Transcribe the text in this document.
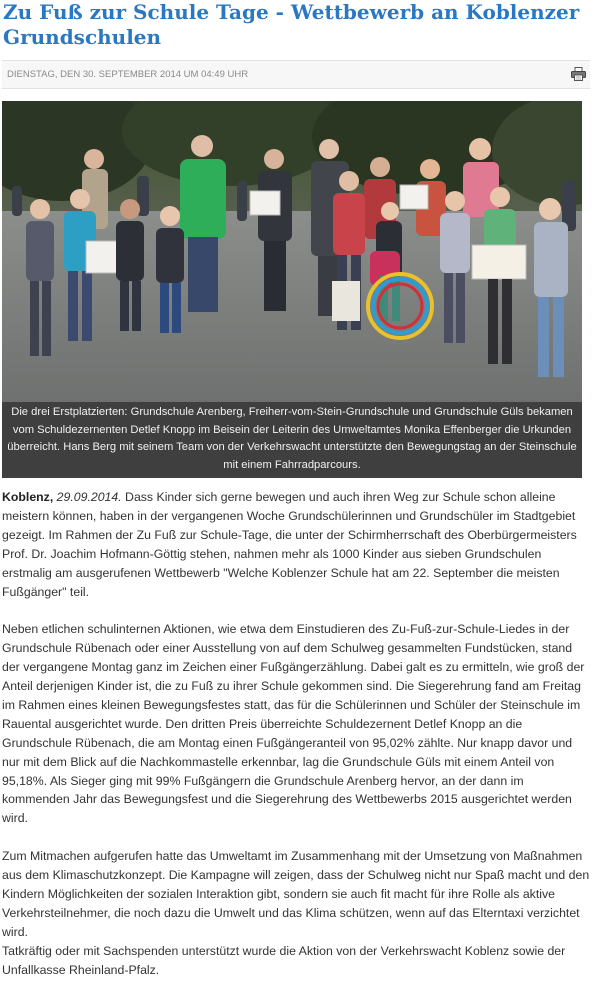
Zu Fuß zur Schule Tage - Wettbewerb an Koblenzer Grundschulen
DIENSTAG, DEN 30. SEPTEMBER 2014 UM 04:49 UHR
Die drei Erstplatzierten: Grundschule Arenberg, Freiherr-vom-Stein-Grundschule und Grundschule Güls bekamen vom Schuldezernenten Detlef Knopp im Beisein der Leiterin des Umweltamtes Monika Effenberger die Urkunden überreicht. Hans Berg mit seinem Team von der Verkehrswacht unterstützte den Bewegungstag an der Steinschule mit einem Fahrradparcours.

Koblenz, 29.09.2014. Dass Kinder sich gerne bewegen und auch ihren Weg zur Schule schon alleine meistern können, haben in der vergangenen Woche Grundschülerinnen und Grundschüler im Stadtgebiet gezeigt. Im Rahmen der Zu Fuß zur Schule-Tage, die unter der Schirmherrschaft des Oberbürgermeisters Prof. Dr. Joachim Hofmann-Göttig stehen, nahmen mehr als 1000 Kinder aus sieben Grundschulen erstmalig am ausgerufenen Wettbewerb "Welche Koblenzer Schule hat am 22. September die meisten Fußgänger" teil.

Neben etlichen schulinternen Aktionen, wie etwa dem Einstudieren des Zu-Fuß-zur-Schule-Liedes in der Grundschule Rübenach oder einer Ausstellung von auf dem Schulweg gesammelten Fundstücken, stand der vergangene Montag ganz im Zeichen einer Fußgängerzählung. Dabei galt es zu ermitteln, wie groß der Anteil derjenigen Kinder ist, die zu Fuß zu ihrer Schule gekommen sind. Die Siegerehrung fand am Freitag im Rahmen eines kleinen Bewegungsfestes statt, das für die Schülerinnen und Schüler der Steinschule im Rauental ausgerichtet wurde. Den dritten Preis überreichte Schuldezernent Detlef Knopp an die Grundschule Rübenach, die am Montag einen Fußgängeranteil von 95,02% zählte. Nur knapp davor und nur mit dem Blick auf die Nachkommastelle erkennbar, lag die Grundschule Güls mit einem Anteil von 95,18%. Als Sieger ging mit 99% Fußgängern die Grundschule Arenberg hervor, an der dann im kommenden Jahr das Bewegungsfest und die Siegerehrung des Wettbewerbs 2015 ausgerichtet werden wird.

Zum Mitmachen aufgerufen hatte das Umweltamt im Zusammenhang mit der Umsetzung von Maßnahmen aus dem Klimaschutzkonzept. Die Kampagne will zeigen, dass der Schulweg nicht nur Spaß macht und den Kindern Möglichkeiten der sozialen Interaktion gibt, sondern sie auch fit macht für ihre Rolle als aktive Verkehrsteilnehmer, die noch dazu die Umwelt und das Klima schützen, wenn auf das Elterntaxi verzichtet wird.

Tatkräftig oder mit Sachspenden unterstützt wurde die Aktion von der Verkehrswacht Koblenz sowie der Unfallkasse Rheinland-Pfalz.
